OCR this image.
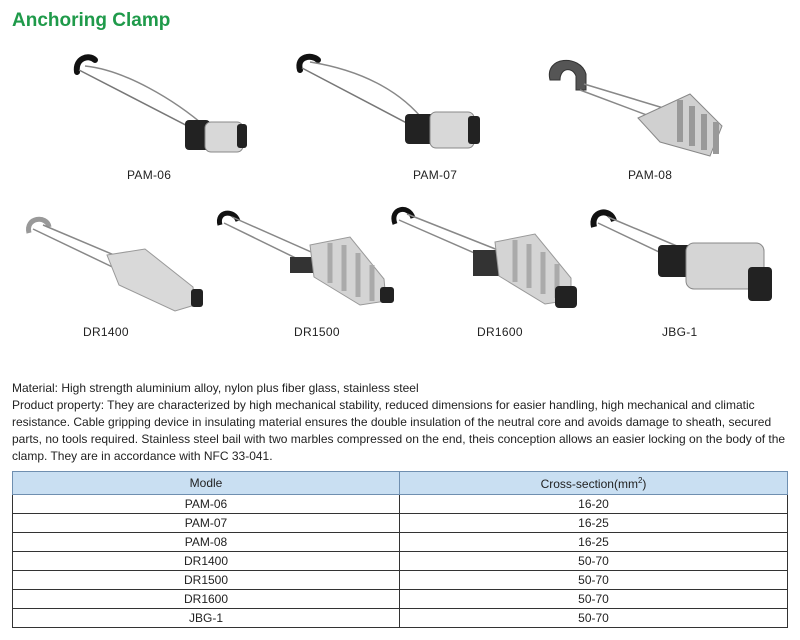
Anchoring Clamp
PAM-06	PAM-07	PAM-08
DR1400	DR1500	DR1600	JBG-1

Material: High strength aluminium alloy, nylon plus fiber glass, stainless steel

Product property: They are characterized by high mechanical stability, reduced dimensions for easier handling, high mechanical and climatic resistance. Cable gripping device in insulating material ensures the double insulation of the neutral core and avoids damage to sheath, secured parts, no tools required. Stainless steel bail with two marbles compressed on the end, theis conception allows an easier locking on the body of the clamp. They are in accordance with NFC 33-041.

Modle	Cross-$section(mm^2)$
PAM-06	16-20
PAM-07	16-25
PAM-08	16-25
DR1400	50-70
DR1500	50-70
DR1600	50-70
JBG-1	50-70
